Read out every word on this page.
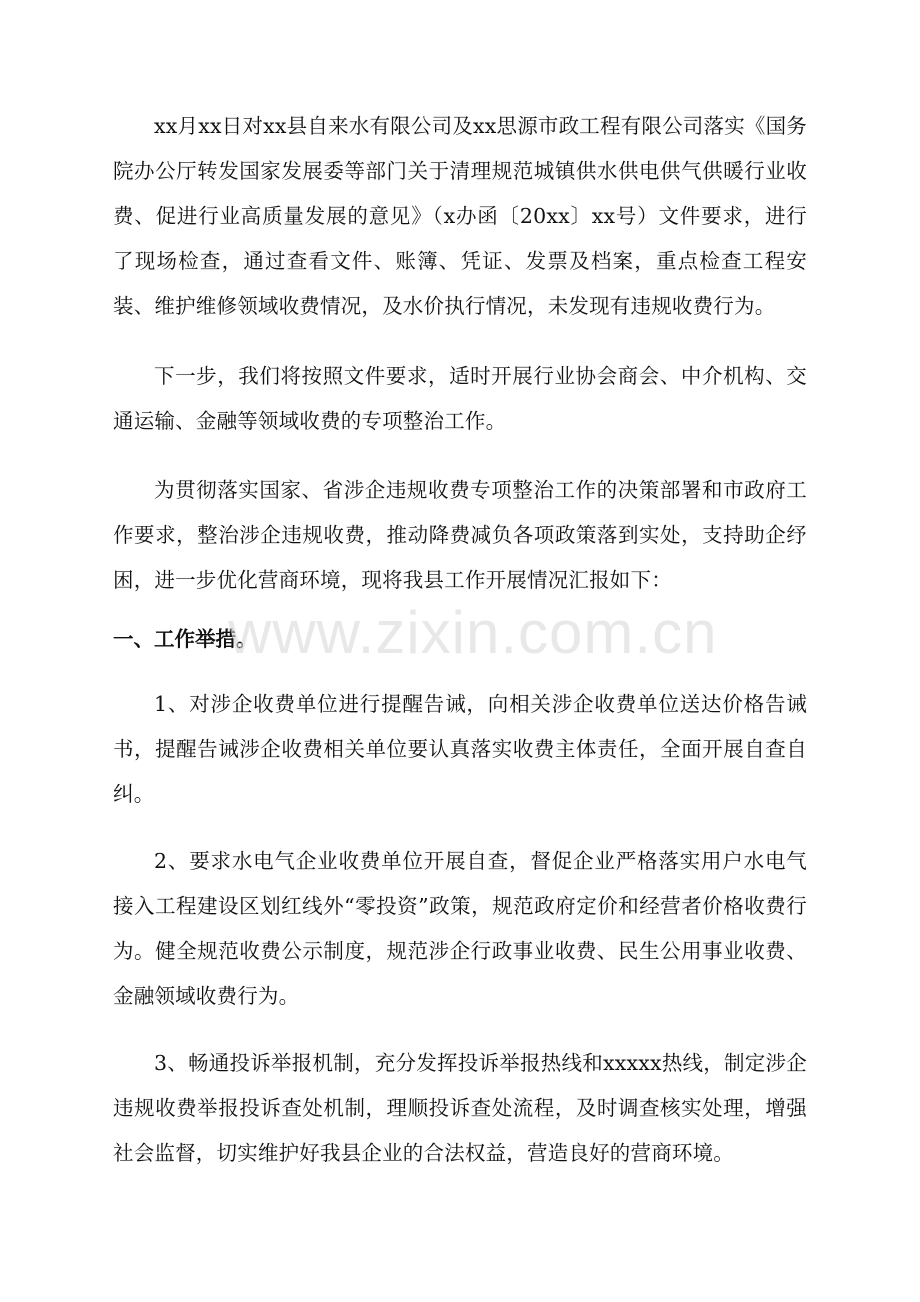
xx月xx日对xx县自来水有限公司及xx思源市政工程有限公司落实《国务院办公厅转发国家发展委等部门关于清理规范城镇供水供电供气供暖行业收费、促进行业高质量发展的意见》（x办函〔20xx〕xx号）文件要求，进行了现场检查，通过查看文件、账簿、凭证、发票及档案，重点检查工程安装、维护维修领域收费情况，及水价执行情况，未发现有违规收费行为。

下一步，我们将按照文件要求，适时开展行业协会商会、中介机构、交通运输、金融等领域收费的专项整治工作。

为贯彻落实国家、省涉企违规收费专项整治工作的决策部署和市政府工作要求，整治涉企违规收费，推动降费减负各项政策落到实处，支持助企纾困，进一步优化营商环境，现将我县工作开展情况汇报如下：

一、工作举措。

1、对涉企收费单位进行提醒告诫，向相关涉企收费单位送达价格告诫书，提醒告诫涉企收费相关单位要认真落实收费主体责任，全面开展自查自纠。

2、要求水电气企业收费单位开展自查，督促企业严格落实用户水电气接入工程建设区划红线外“零投资”政策，规范政府定价和经营者价格收费行为。健全规范收费公示制度，规范涉企行政事业收费、民生公用事业收费、金融领域收费行为。

3、畅通投诉举报机制，充分发挥投诉举报热线和xxxxx热线，制定涉企违规收费举报投诉查处机制，理顺投诉查处流程，及时调查核实处理，增强社会监督，切实维护好我县企业的合法权益，营造良好的营商环境。

www.zixin.com.cn
